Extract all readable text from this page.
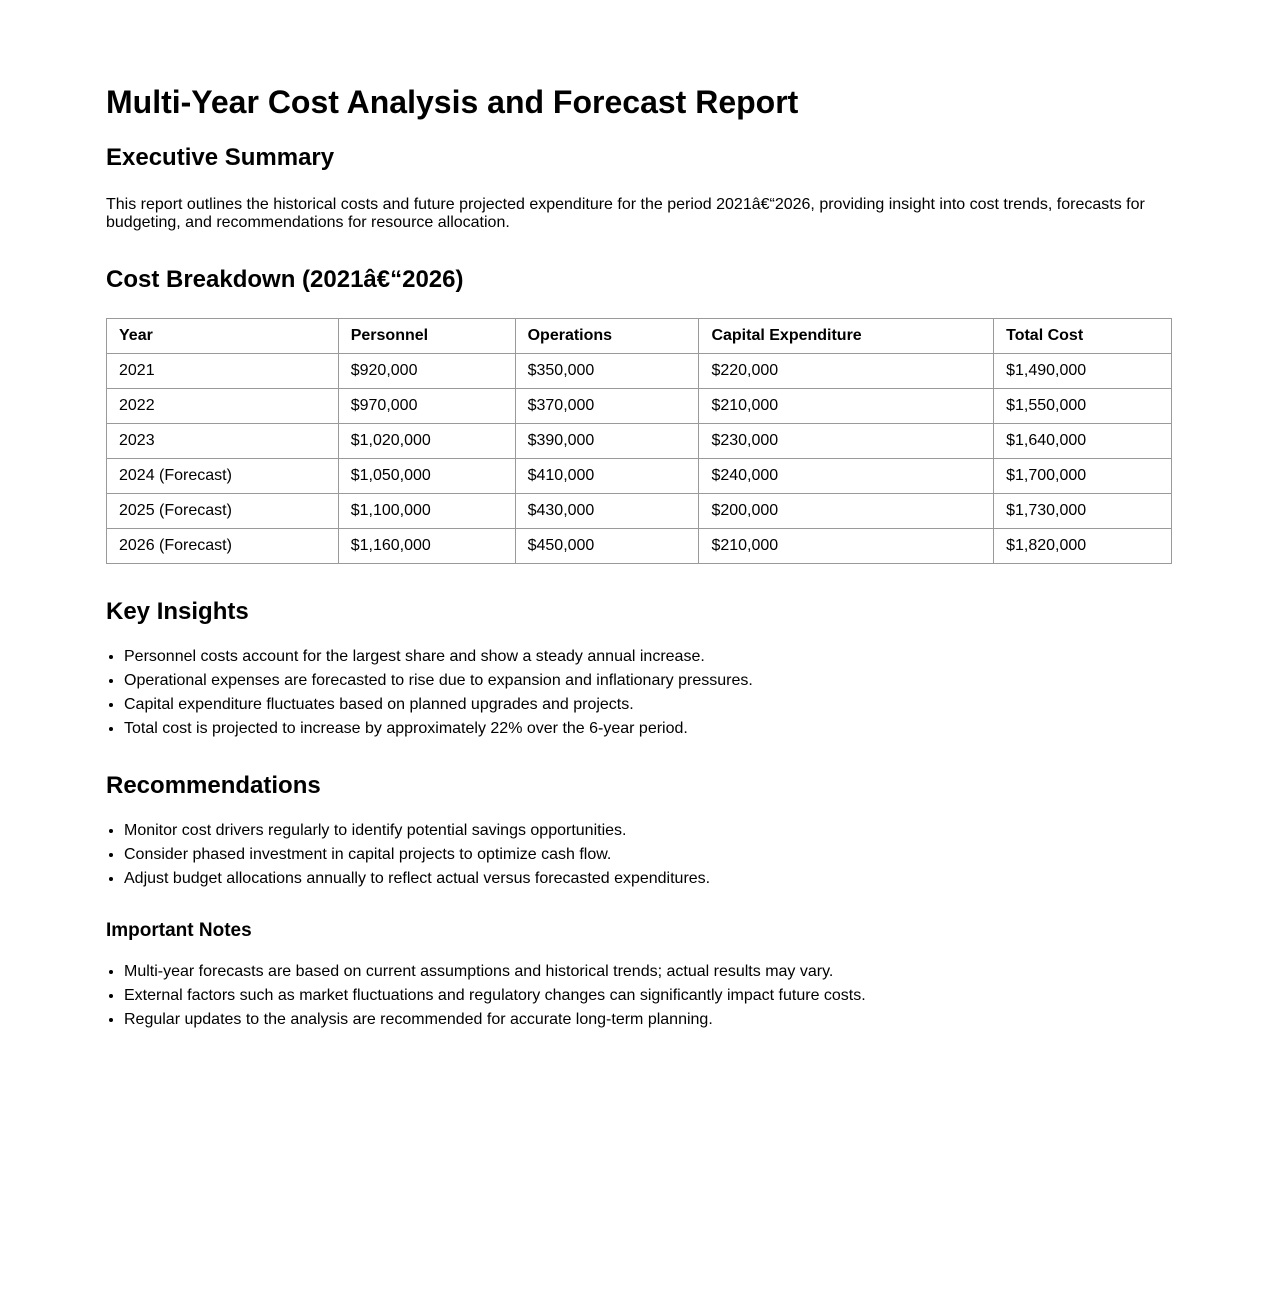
Multi-Year Cost Analysis and Forecast Report
Executive Summary

This report outlines the historical costs and future projected expenditure for the period 2021â€“2026, providing insight into cost trends, forecasts for budgeting, and recommendations for resource allocation.

Cost Breakdown (2021â€“2026)
Year	Personnel	Operations	Capital Expenditure	Total Cost
2021	$920,000	$350,000	$220,000	$1,490,000
2022	$970,000	$370,000	$210,000	$1,550,000
2023	$1,020,000	$390,000	$230,000	$1,640,000
2024 (Forecast)	$1,050,000	$410,000	$240,000	$1,700,000
2025 (Forecast)	$1,100,000	$430,000	$200,000	$1,730,000
2026 (Forecast)	$1,160,000	$450,000	$210,000	$1,820,000
Key Insights
• Personnel costs account for the largest share and show a steady annual increase.
• Operational expenses are forecasted to rise due to expansion and inflationary pressures.
• Capital expenditure fluctuates based on planned upgrades and projects.
• Total cost is projected to increase by approximately 22% over the 6-year period.
Recommendations
• Monitor cost drivers regularly to identify potential savings opportunities.
• Consider phased investment in capital projects to optimize cash flow.
• Adjust budget allocations annually to reflect actual versus forecasted expenditures.
Important Notes
• Multi-year forecasts are based on current assumptions and historical trends; actual results may vary.
• External factors such as market fluctuations and regulatory changes can significantly impact future costs.
• Regular updates to the analysis are recommended for accurate long-term planning.
